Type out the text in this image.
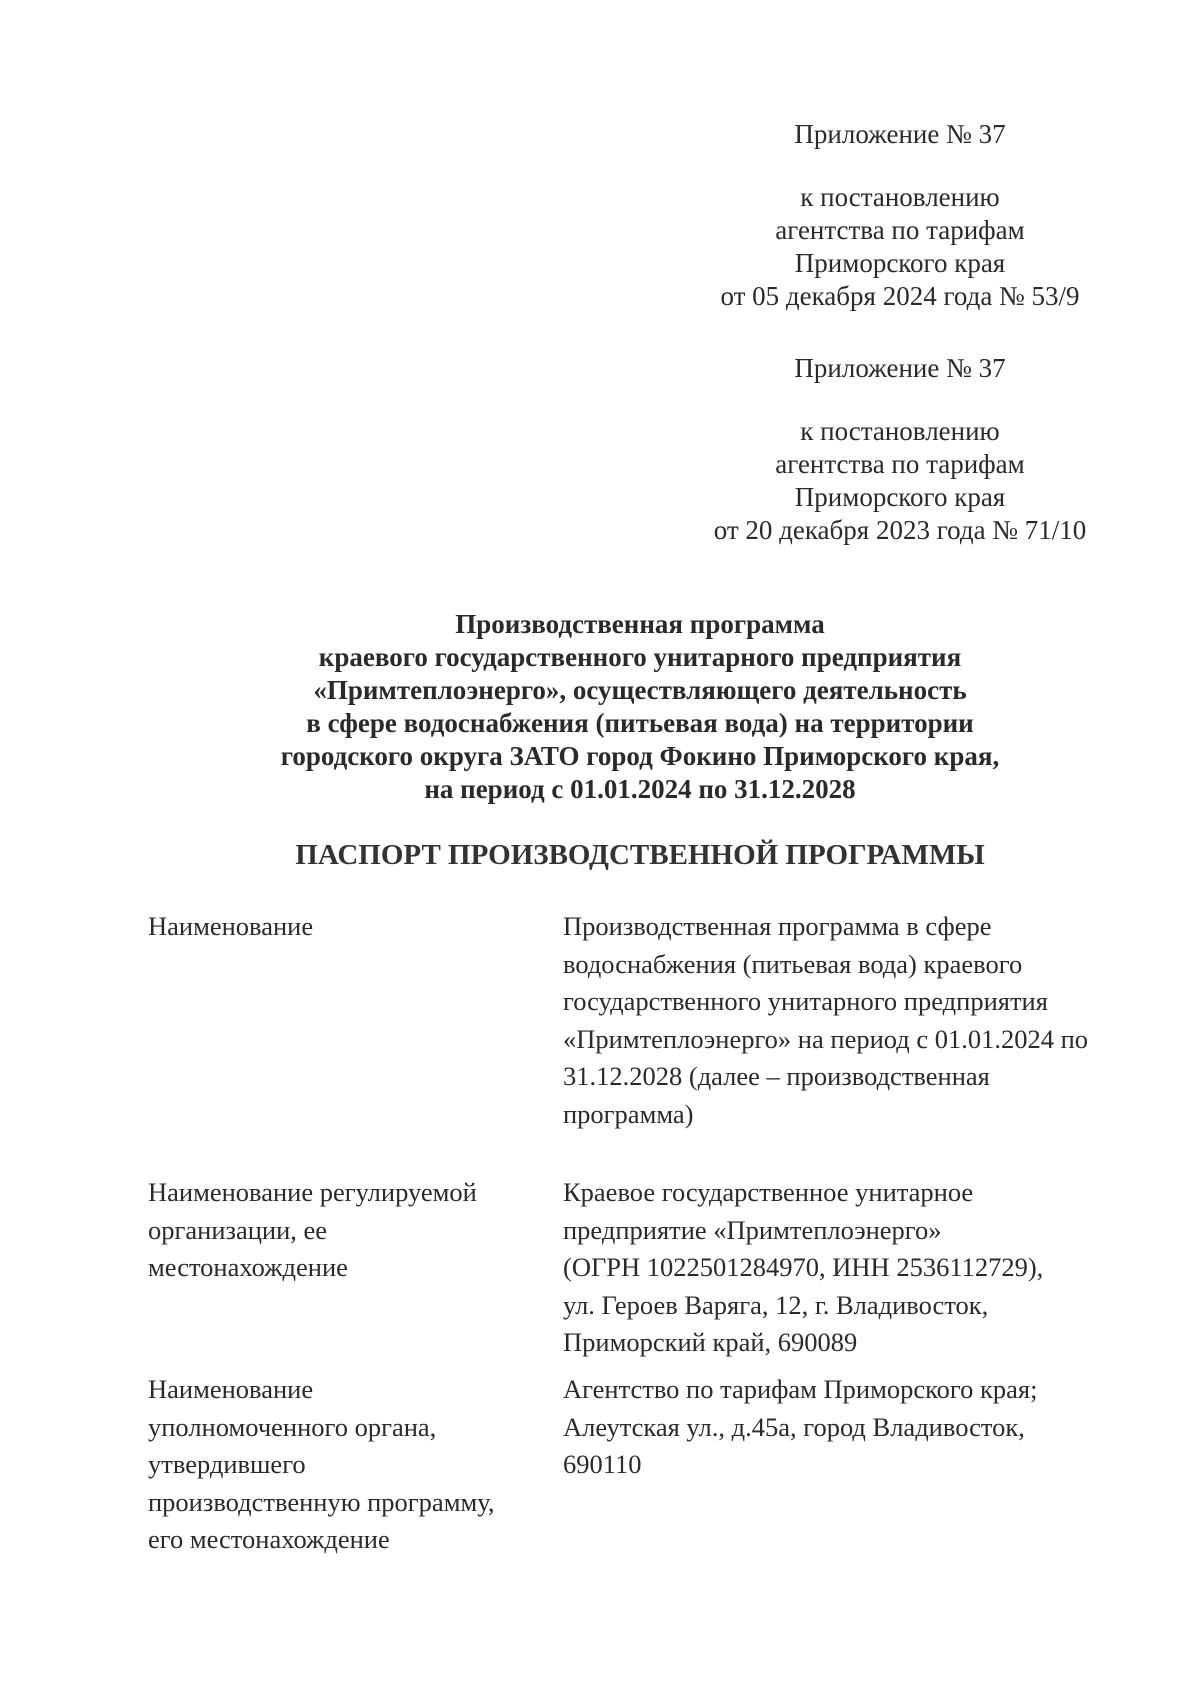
Приложение № 37
к постановлению
агентства по тарифам
Приморского края
от 05 декабря 2024 года № 53/9
Приложение № 37
к постановлению
агентства по тарифам
Приморского края
от 20 декабря 2023 года № 71/10
Производственная программа
краевого государственного унитарного предприятия
«Примтеплоэнерго», осуществляющего деятельность
в сфере водоснабжения (питьевая вода) на территории
городского округа ЗАТО город Фокино Приморского края,
на период с 01.01.2024 по 31.12.2028
ПАСПОРТ ПРОИЗВОДСТВЕННОЙ ПРОГРАММЫ
Наименование	Производственная программа в сфере
водоснабжения (питьевая вода) краевого
государственного унитарного предприятия
«Примтеплоэнерго» на период с 01.01.2024 по
31.12.2028 (далее – производственная
программа)
Наименование регулируемой
организации, ее
местонахождение
Краевое государственное унитарное
предприятие «Примтеплоэнерго»
(ОГРН 1022501284970, ИНН 2536112729),
ул. Героев Варяга, 12, г. Владивосток,
Приморский край, 690089
Наименование
уполномоченного органа,
утвердившего
производственную программу,
его местонахождение
Агентство по тарифам Приморского края;
Алеутская ул., д.45а, город Владивосток,
690110
